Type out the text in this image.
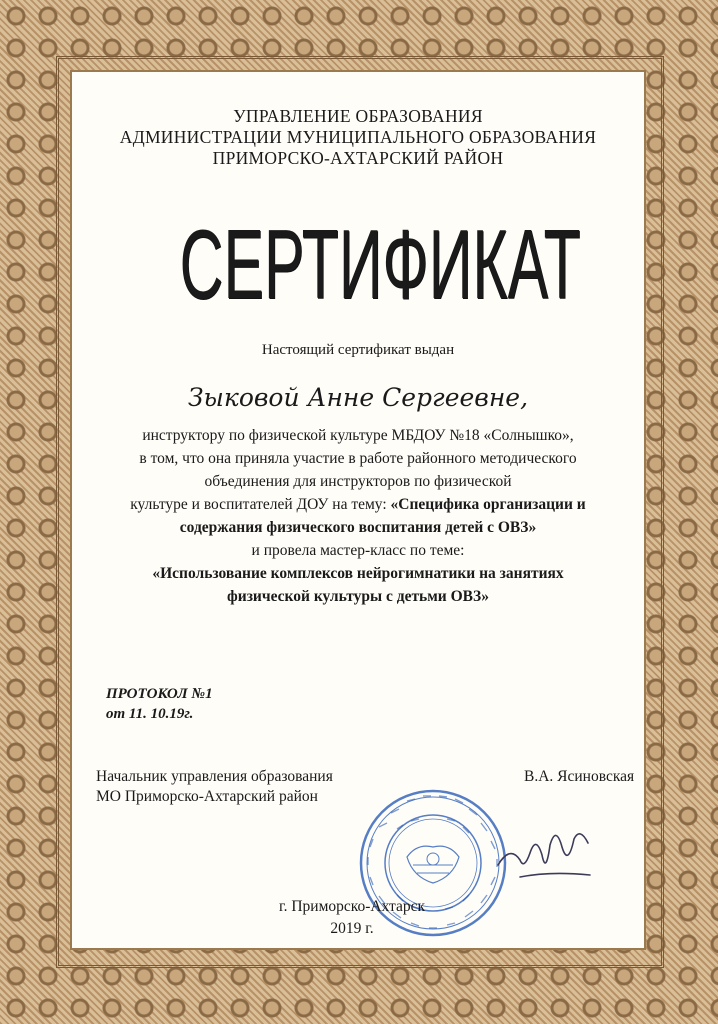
УПРАВЛЕНИЕ ОБРАЗОВАНИЯ
АДМИНИСТРАЦИИ МУНИЦИПАЛЬНОГО ОБРАЗОВАНИЯ
ПРИМОРСКО-АХТАРСКИЙ РАЙОН
СЕРТИФИКАТ
Настоящий сертификат выдан
Зыковой Анне Сергеевне,
инструктору по физической культуре МБДОУ №18 «Солнышко»,
в том, что она приняла участие в работе районного методического
объединения для инструкторов по физической
культуре и воспитателей ДОУ на тему: «Специфика организации и
содержания физического воспитания детей с ОВЗ»
и провела мастер-класс по теме:
«Использование комплексов нейрогимнатики на занятиях
физической культуры с детьми ОВЗ»
ПРОТОКОЛ №1
от 11. 10.19г.
Начальник управления образования
МО Приморско-Ахтарский район
В.А. Ясиновская
г. Приморско-Ахтарск
2019 г.
